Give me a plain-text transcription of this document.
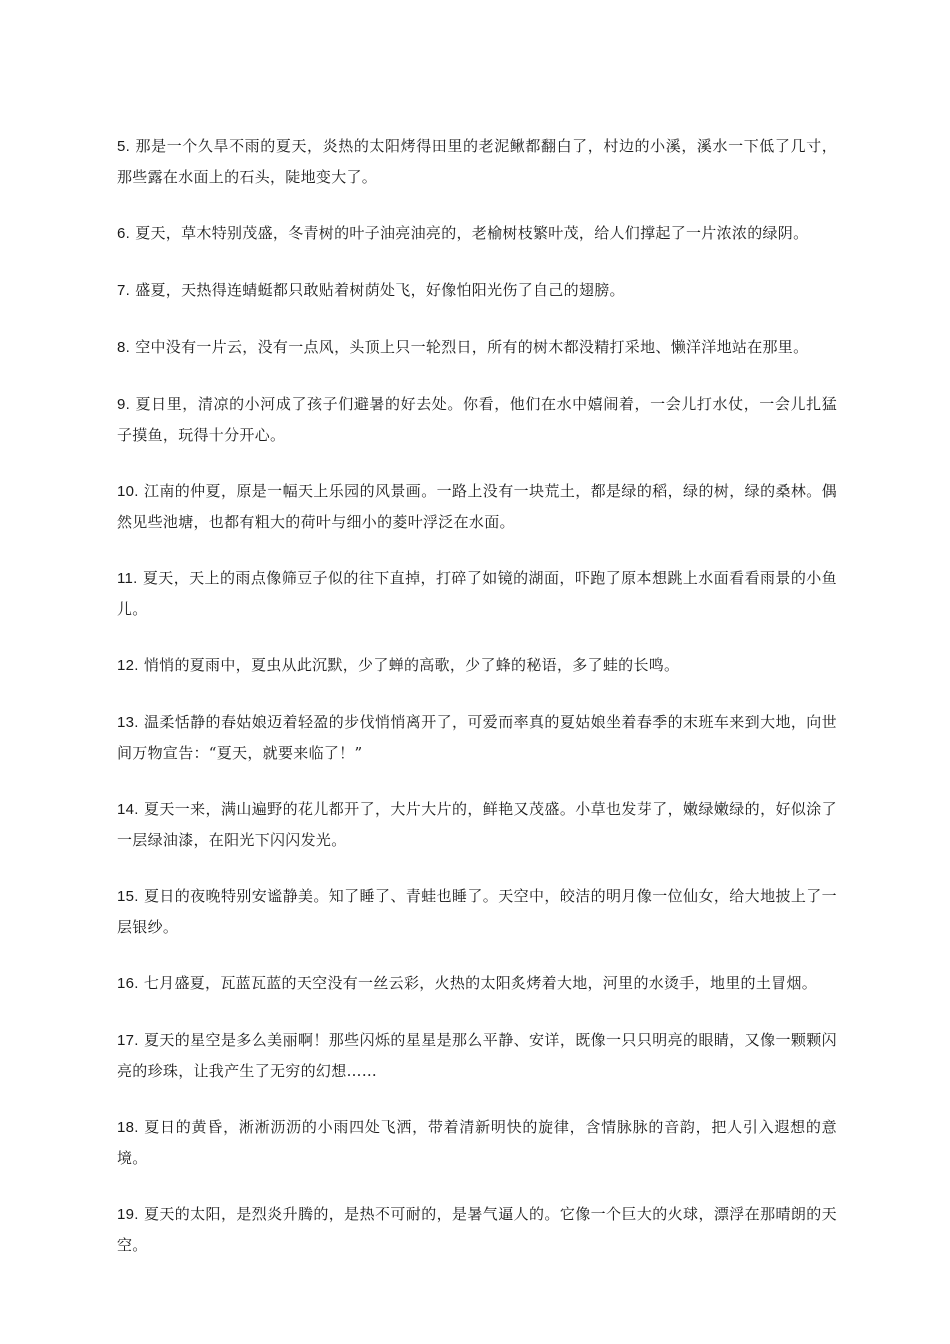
5. 那是一个久旱不雨的夏天，炎热的太阳烤得田里的老泥鳅都翻白了，村边的小溪，溪水一下低了几寸，那些露在水面上的石头，陡地变大了。

6. 夏天，草木特别茂盛，冬青树的叶子油亮油亮的，老榆树枝繁叶茂，给人们撑起了一片浓浓的绿阴。

7. 盛夏，天热得连蜻蜓都只敢贴着树荫处飞，好像怕阳光伤了自己的翅膀。

8. 空中没有一片云，没有一点风，头顶上只一轮烈日，所有的树木都没精打采地、懒洋洋地站在那里。

9. 夏日里，清凉的小河成了孩子们避暑的好去处。你看，他们在水中嬉闹着，一会儿打水仗，一会儿扎猛子摸鱼，玩得十分开心。

10. 江南的仲夏，原是一幅天上乐园的风景画。一路上没有一块荒土，都是绿的稻，绿的树，绿的桑林。偶然见些池塘，也都有粗大的荷叶与细小的菱叶浮泛在水面。

11. 夏天，天上的雨点像筛豆子似的往下直掉，打碎了如镜的湖面，吓跑了原本想跳上水面看看雨景的小鱼儿。

12. 悄悄的夏雨中，夏虫从此沉默，少了蝉的高歌，少了蜂的秘语，多了蛙的长鸣。

13. 温柔恬静的春姑娘迈着轻盈的步伐悄悄离开了，可爱而率真的夏姑娘坐着春季的末班车来到大地，向世间万物宣告：“夏天，就要来临了！”

14. 夏天一来，满山遍野的花儿都开了，大片大片的，鲜艳又茂盛。小草也发芽了，嫩绿嫩绿的，好似涂了一层绿油漆，在阳光下闪闪发光。

15. 夏日的夜晚特别安谧静美。知了睡了、青蛙也睡了。天空中，皎洁的明月像一位仙女，给大地披上了一层银纱。

16. 七月盛夏，瓦蓝瓦蓝的天空没有一丝云彩，火热的太阳炙烤着大地，河里的水烫手，地里的土冒烟。

17. 夏天的星空是多么美丽啊！那些闪烁的星星是那么平静、安详，既像一只只明亮的眼睛，又像一颗颗闪亮的珍珠，让我产生了无穷的幻想……

18. 夏日的黄昏，淅淅沥沥的小雨四处飞洒，带着清新明快的旋律，含情脉脉的音韵，把人引入遐想的意境。

19. 夏天的太阳，是烈炎升腾的，是热不可耐的，是暑气逼人的。它像一个巨大的火球，漂浮在那晴朗的天空。
